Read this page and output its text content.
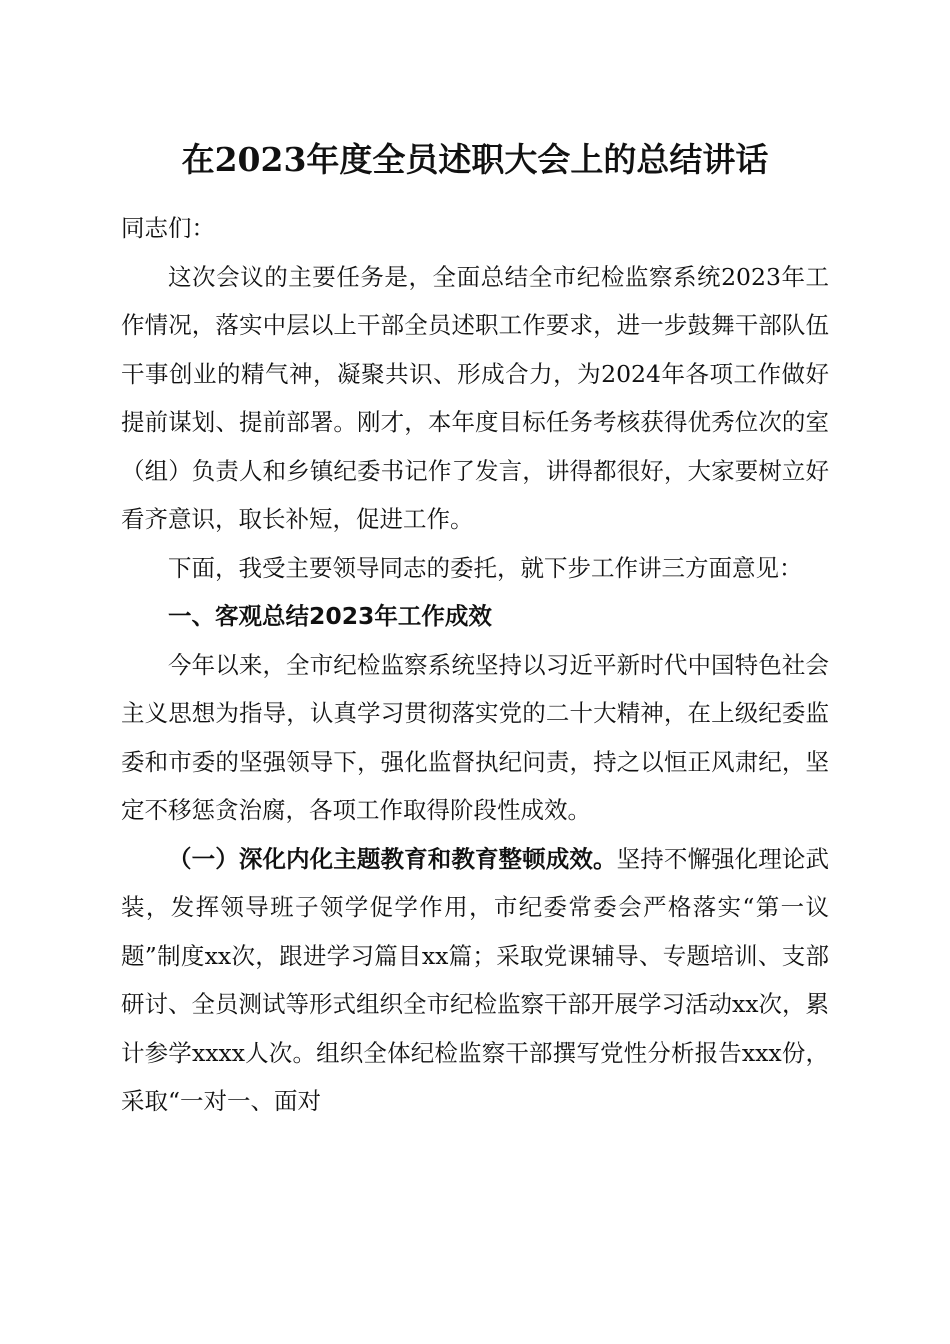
在2023年度全员述职大会上的总结讲话

同志们：

这次会议的主要任务是，全面总结全市纪检监察系统2023年工作情况，落实中层以上干部全员述职工作要求，进一步鼓舞干部队伍干事创业的精气神，凝聚共识、形成合力，为2024年各项工作做好提前谋划、提前部署。刚才，本年度目标任务考核获得优秀位次的室（组）负责人和乡镇纪委书记作了发言，讲得都很好，大家要树立好看齐意识，取长补短，促进工作。

下面，我受主要领导同志的委托，就下步工作讲三方面意见：

一、客观总结2023年工作成效

今年以来，全市纪检监察系统坚持以习近平新时代中国特色社会主义思想为指导，认真学习贯彻落实党的二十大精神，在上级纪委监委和市委的坚强领导下，强化监督执纪问责，持之以恒正风肃纪，坚定不移惩贪治腐，各项工作取得阶段性成效。

（一）深化内化主题教育和教育整顿成效。坚持不懈强化理论武装，发挥领导班子领学促学作用，市纪委常委会严格落实“第一议题”制度xx次，跟进学习篇目xx篇；采取党课辅导、专题培训、支部研讨、全员测试等形式组织全市纪检监察干部开展学习活动xx次，累计参学xxxx人次。组织全体纪检监察干部撰写党性分析报告xxx份，采取“一对一、面对
